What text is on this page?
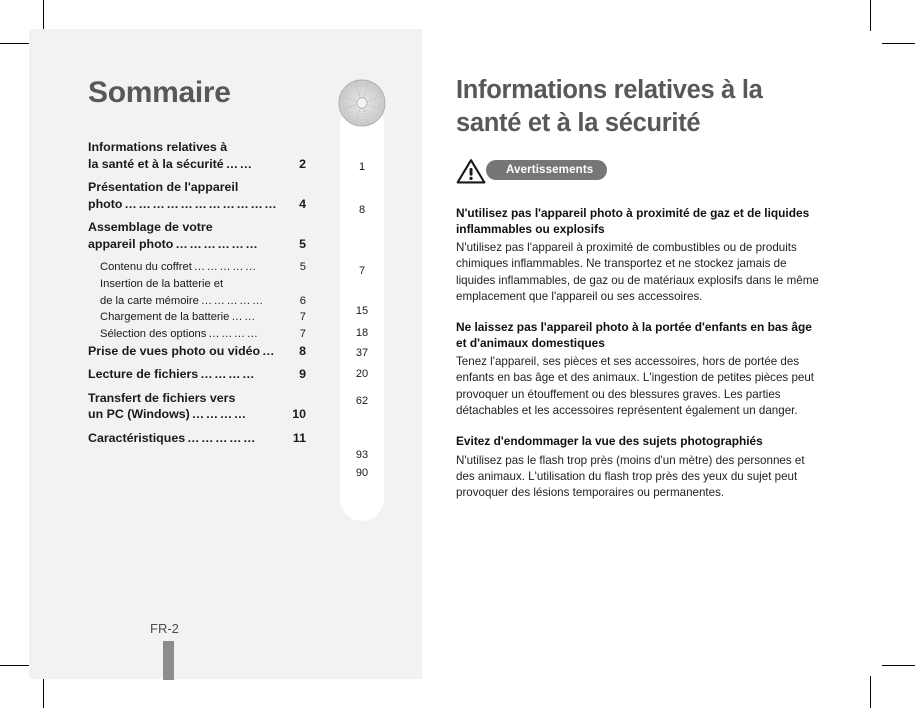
Sommaire
Informations relatives à
la santé et à la sécurité ……	2
Présentation de l'appareil
photo ……………………………	4
Assemblage de votre
appareil photo ………………	5
Contenu du coffret ……………	5
Insertion de la batterie et
de la carte mémoire ……………	6
Chargement de la batterie ……	7
Sélection des options …………	7
Prise de vues photo ou vidéo …	8
Lecture de fichiers …………	9
Transfert de fichiers vers
un PC (Windows) …………	10
Caractéristiques ……………	11
1
8
7
15
18
37
20
62
93
90
FR-2
Informations relatives à la santé et à la sécurité
Avertissements

N'utilisez pas l'appareil photo à proximité de gaz et de liquides inflammables ou explosifs

N'utilisez pas l'appareil à proximité de combustibles ou de produits chimiques inflammables. Ne transportez et ne stockez jamais de liquides inflammables, de gaz ou de matériaux explosifs dans le même emplacement que l'appareil ou ses accessoires.

Ne laissez pas l'appareil photo à la portée d'enfants en bas âge et d'animaux domestiques

Tenez l'appareil, ses pièces et ses accessoires, hors de portée des enfants en bas âge et des animaux. L'ingestion de petites pièces peut provoquer un étouffement ou des blessures graves. Les parties détachables et les accessoires représentent également un danger.

Evitez d'endommager la vue des sujets photographiés

N'utilisez pas le flash trop près (moins d'un mètre) des personnes et des animaux. L'utilisation du flash trop près des yeux du sujet peut provoquer des lésions temporaires ou permanentes.
